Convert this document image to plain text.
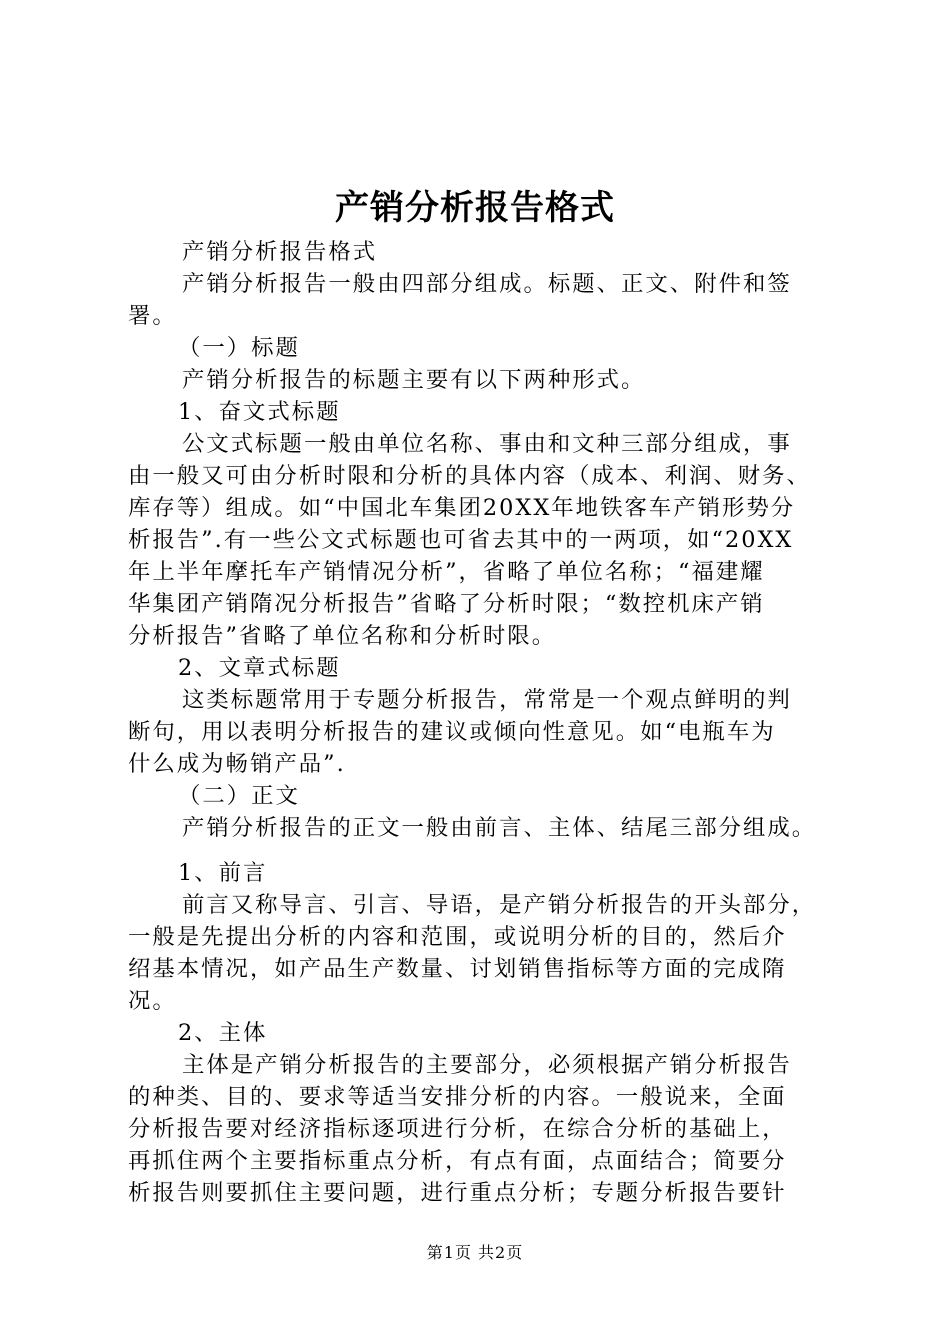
产销分析报告格式
产销分析报告格式
产销分析报告一般由四部分组成。标题、正文、附件和签
署。
（一）标题
产销分析报告的标题主要有以下两种形式。
1、奋文式标题
公文式标题一般由单位名称、事由和文种三部分组成，事
由一般又可由分析时限和分析的具体内容（成本、利润、财务、
库存等）组成。如“中国北车集团20XX年地铁客车产销形势分
析报告”.有一些公文式标题也可省去其中的一两项，如“20XX
年上半年摩托车产销情况分析”，省略了单位名称；“福建耀
华集团产销隋况分析报告”省略了分析时限；“数控机床产销
分析报告”省略了单位名称和分析时限。
2、文章式标题
这类标题常用于专题分析报告，常常是一个观点鲜明的判
断句，用以表明分析报告的建议或倾向性意见。如“电瓶车为
什么成为畅销产品”.
（二）正文
产销分析报告的正文一般由前言、主体、结尾三部分组成。
1、前言
前言又称导言、引言、导语，是产销分析报告的开头部分，
一般是先提出分析的内容和范围，或说明分析的目的，然后介
绍基本情况，如产品生产数量、讨划销售指标等方面的完成隋
况。
2、主体
主体是产销分析报告的主要部分，必须根据产销分析报告
的种类、目的、要求等适当安排分析的内容。一般说来，全面
分析报告要对经济指标逐项进行分析，在综合分析的基础上，
再抓住两个主要指标重点分析，有点有面，点面结合；简要分
析报告则要抓住主要问题，进行重点分析；专题分析报告要针
第1页 共2页
